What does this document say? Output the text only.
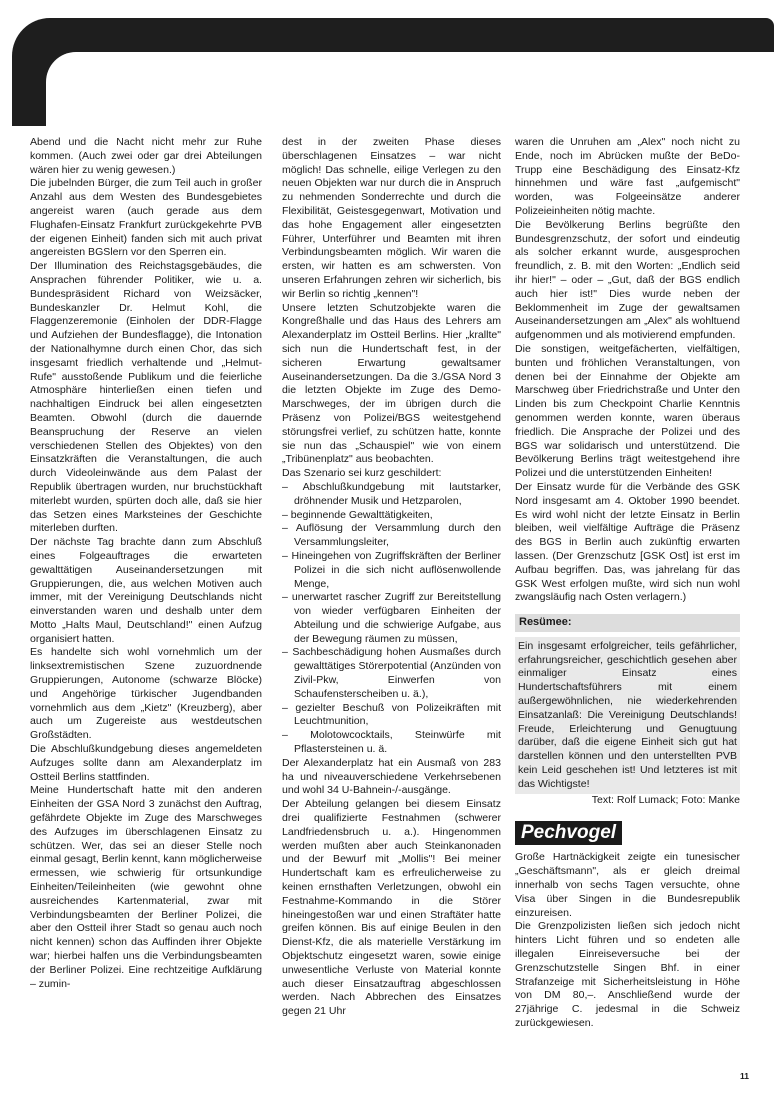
Abend und die Nacht nicht mehr zur Ruhe kommen. (Auch zwei oder gar drei Abteilungen wären hier zu wenig gewesen.)

Die jubelnden Bürger, die zum Teil auch in großer Anzahl aus dem Westen des Bundesgebietes angereist waren (auch gerade aus dem Flughafen-Einsatz Frankfurt zurückgekehrte PVB der eigenen Einheit) fanden sich mit auch privat angereisten BGSlern vor den Sperren ein.

Der Illumination des Reichstagsgebäudes, die Ansprachen führender Politiker, wie u. a. Bundespräsident Richard von Weizsäcker, Bundeskanzler Dr. Helmut Kohl, die Flaggenzeremonie (Einholen der DDR-Flagge und Aufziehen der Bundesflagge), die Intonation der Nationalhymne durch einen Chor, das sich insgesamt friedlich verhaltende und „Helmut-Rufe" ausstoßende Publikum und die feierliche Atmosphäre hinterließen einen tiefen und nachhaltigen Eindruck bei allen eingesetzten Beamten. Obwohl (durch die dauernde Beanspruchung der Reserve an vielen verschiedenen Stellen des Objektes) von den Einsatzkräften die Veranstaltungen, die auch durch Videoleinwände aus dem Palast der Republik übertragen wurden, nur bruchstückhaft miterlebt wurden, spürten doch alle, daß sie hier das Setzen eines Marksteines der Geschichte miterleben durften.

Der nächste Tag brachte dann zum Abschluß eines Folgeauftrages die erwarteten gewalttätigen Auseinandersetzungen mit Gruppierungen, die, aus welchen Motiven auch immer, mit der Vereinigung Deutschlands nicht einverstanden waren und deshalb unter dem Motto „Halts Maul, Deutschland!" einen Aufzug organisiert hatten.

Es handelte sich wohl vornehmlich um der linksextremistischen Szene zuzuordnende Gruppierungen, Autonome (schwarze Blöcke) und Angehörige türkischer Jugendbanden vornehmlich aus dem „Kietz" (Kreuzberg), aber auch um Zugereiste aus westdeutschen Großstädten.

Die Abschlußkundgebung dieses angemeldeten Aufzuges sollte dann am Alexanderplatz im Ostteil Berlins stattfinden.

Meine Hundertschaft hatte mit den anderen Einheiten der GSA Nord 3 zunächst den Auftrag, gefährdete Objekte im Zuge des Marschweges des Aufzuges im überschlagenen Einsatz zu schützen. Wer, das sei an dieser Stelle noch einmal gesagt, Berlin kennt, kann möglicherweise ermessen, wie schwierig für ortsunkundige Einheiten/Teileinheiten (wie gewohnt ohne ausreichendes Kartenmaterial, zwar mit Verbindungsbeamten der Berliner Polizei, die aber den Ostteil ihrer Stadt so genau auch noch nicht kennen) schon das Auffinden ihrer Objekte war; hierbei halfen uns die Verbindungsbeamten der Berliner Polizei. Eine rechtzeitige Aufklärung – zumin-

dest in der zweiten Phase dieses überschlagenen Einsatzes – war nicht möglich! Das schnelle, eilige Verlegen zu den neuen Objekten war nur durch die in Anspruch zu nehmenden Sonderrechte und durch die Flexibilität, Geistesgegenwart, Motivation und das hohe Engagement aller eingesetzten Führer, Unterführer und Beamten mit ihren Verbindungsbeamten möglich. Wir waren die ersten, wir hatten es am schwersten. Von unseren Erfahrungen zehren wir sicherlich, bis wir Berlin so richtig „kennen"!

Unsere letzten Schutzobjekte waren die Kongreßhalle und das Haus des Lehrers am Alexanderplatz im Ostteil Berlins. Hier „krallte" sich nun die Hundertschaft fest, in der sicheren Erwartung gewaltsamer Auseinandersetzungen. Da die 3./GSA Nord 3 die letzten Objekte im Zuge des Demo-Marschweges, der im übrigen durch die Präsenz von Polizei/BGS weitestgehend störungsfrei verlief, zu schützen hatte, konnte sie nun das „Schauspiel" wie von einem „Tribünenplatz" aus beobachten.

Das Szenario sei kurz geschildert:

– Abschlußkundgebung mit lautstarker, dröhnender Musik und Hetzparolen,
– beginnende Gewalttätigkeiten,
– Auflösung der Versammlung durch den Versammlungsleiter,
– Hineingehen von Zugriffskräften der Berliner Polizei in die sich nicht auflösenwollende Menge,
– unerwartet rascher Zugriff zur Bereitstellung von wieder verfügbaren Einheiten der Abteilung und die schwierige Aufgabe, aus der Bewegung räumen zu müssen,
– Sachbeschädigung hohen Ausmaßes durch gewalttätiges Störerpotential (Anzünden von Zivil-Pkw, Einwerfen von Schaufensterscheiben u. ä.),
– gezielter Beschuß von Polizeikräften mit Leuchtmunition,
– Molotowcocktails, Steinwürfe mit Pflastersteinen u. ä.

Der Alexanderplatz hat ein Ausmaß von 283 ha und niveauverschiedene Verkehrsebenen und wohl 34 U-Bahnein-/-ausgänge.

Der Abteilung gelangen bei diesem Einsatz drei qualifizierte Festnahmen (schwerer Landfriedensbruch u. a.). Hingenommen werden mußten aber auch Steinkanonaden und der Bewurf mit „Mollis"! Bei meiner Hundertschaft kam es erfreulicherweise zu keinen ernsthaften Verletzungen, obwohl ein Festnahme-Kommando in die Störer hineingestoßen war und einen Straftäter hatte greifen können. Bis auf einige Beulen in den Dienst-Kfz, die als materielle Verstärkung im Objektschutz eingesetzt waren, sowie einige unwesentliche Verluste von Material konnte auch dieser Einsatzauftrag abgeschlossen werden. Nach Abbrechen des Einsatzes gegen 21 Uhr

waren die Unruhen am „Alex" noch nicht zu Ende, noch im Abrücken mußte der BeDo-Trupp eine Beschädigung des Einsatz-Kfz hinnehmen und wäre fast „aufgemischt" worden, was Folgeeinsätze anderer Polizeieinheiten nötig machte.

Die Bevölkerung Berlins begrüßte den Bundesgrenzschutz, der sofort und eindeutig als solcher erkannt wurde, ausgesprochen freundlich, z. B. mit den Worten: „Endlich seid ihr hier!" – oder – „Gut, daß der BGS endlich auch hier ist!" Dies wurde neben der Beklommenheit im Zuge der gewaltsamen Auseinandersetzungen am „Alex" als wohltuend aufgenommen und als motivierend empfunden.

Die sonstigen, weitgefächerten, vielfältigen, bunten und fröhlichen Veranstaltungen, von denen bei der Einnahme der Objekte am Marschweg über Friedrichstraße und Unter den Linden bis zum Checkpoint Charlie Kenntnis genommen werden konnte, waren überaus friedlich. Die Ansprache der Polizei und des BGS war solidarisch und unterstützend. Die Bevölkerung Berlins trägt weitestgehend ihre Polizei und die unterstützenden Einheiten!

Der Einsatz wurde für die Verbände des GSK Nord insgesamt am 4. Oktober 1990 beendet. Es wird wohl nicht der letzte Einsatz in Berlin bleiben, weil vielfältige Aufträge die Präsenz des BGS in Berlin auch zukünftig erwarten lassen. (Der Grenzschutz [GSK Ost] ist erst im Aufbau begriffen. Das, was jahrelang für das GSK West erfolgen mußte, wird sich nun wohl zwangsläufig nach Osten verlagern.)

Resümee:

Ein insgesamt erfolgreicher, teils gefährlicher, erfahrungsreicher, geschichtlich gesehen aber einmaliger Einsatz eines Hundertschaftsführers mit einem außergewöhnlichen, nie wiederkehrenden Einsatzanlaß: Die Vereinigung Deutschlands! Freude, Erleichterung und Genugtuung darüber, daß die eigene Einheit sich gut hat darstellen können und den unterstellten PVB kein Leid geschehen ist! Und letzteres ist mit das Wichtigste!

Text: Rolf Lumack; Foto: Manke

Pechvogel

Große Hartnäckigkeit zeigte ein tunesischer „Geschäftsmann", als er gleich dreimal innerhalb von sechs Tagen versuchte, ohne Visa über Singen in die Bundesrepublik einzureisen.

Die Grenzpolizisten ließen sich jedoch nicht hinters Licht führen und so endeten alle illegalen Einreiseversuche bei der Grenzschutzstelle Singen Bhf. in einer Strafanzeige mit Sicherheitsleistung in Höhe von DM 80,–. Anschließend wurde der 27jährige C. jedesmal in die Schweiz zurückgewiesen.

11
